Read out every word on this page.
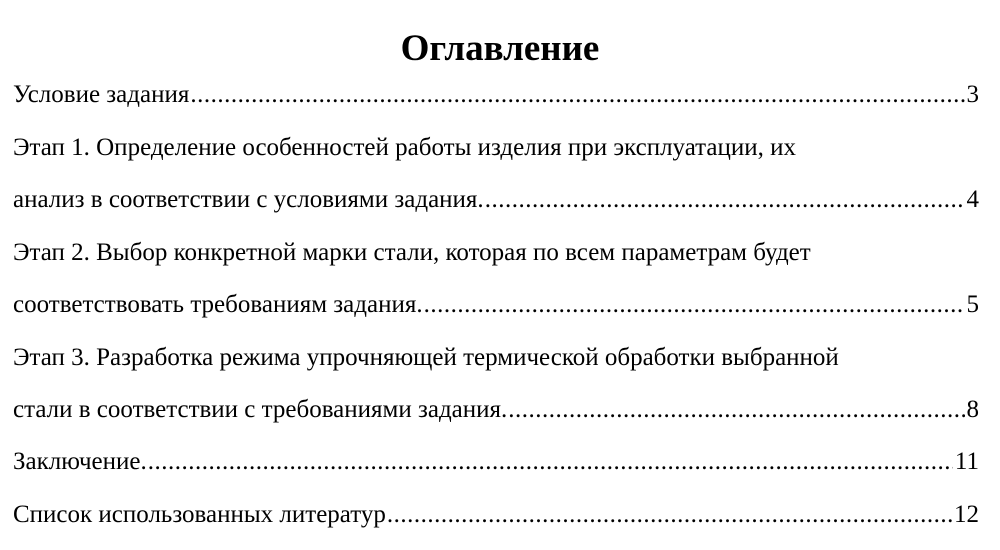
Оглавление
Условие задания .....	3
Этап 1. Определение особенностей работы изделия при эксплуатации, их
анализ в соответствии с условиями задания. .....	4
Этап 2. Выбор конкретной марки стали, которая по всем параметрам будет
соответствовать требованиям задания. .....	5
Этап 3. Разработка режима упрочняющей термической обработки выбранной
стали в соответствии с требованиями задания. .....	8
Заключение. .....	11
Список использованных литератур .....	12
